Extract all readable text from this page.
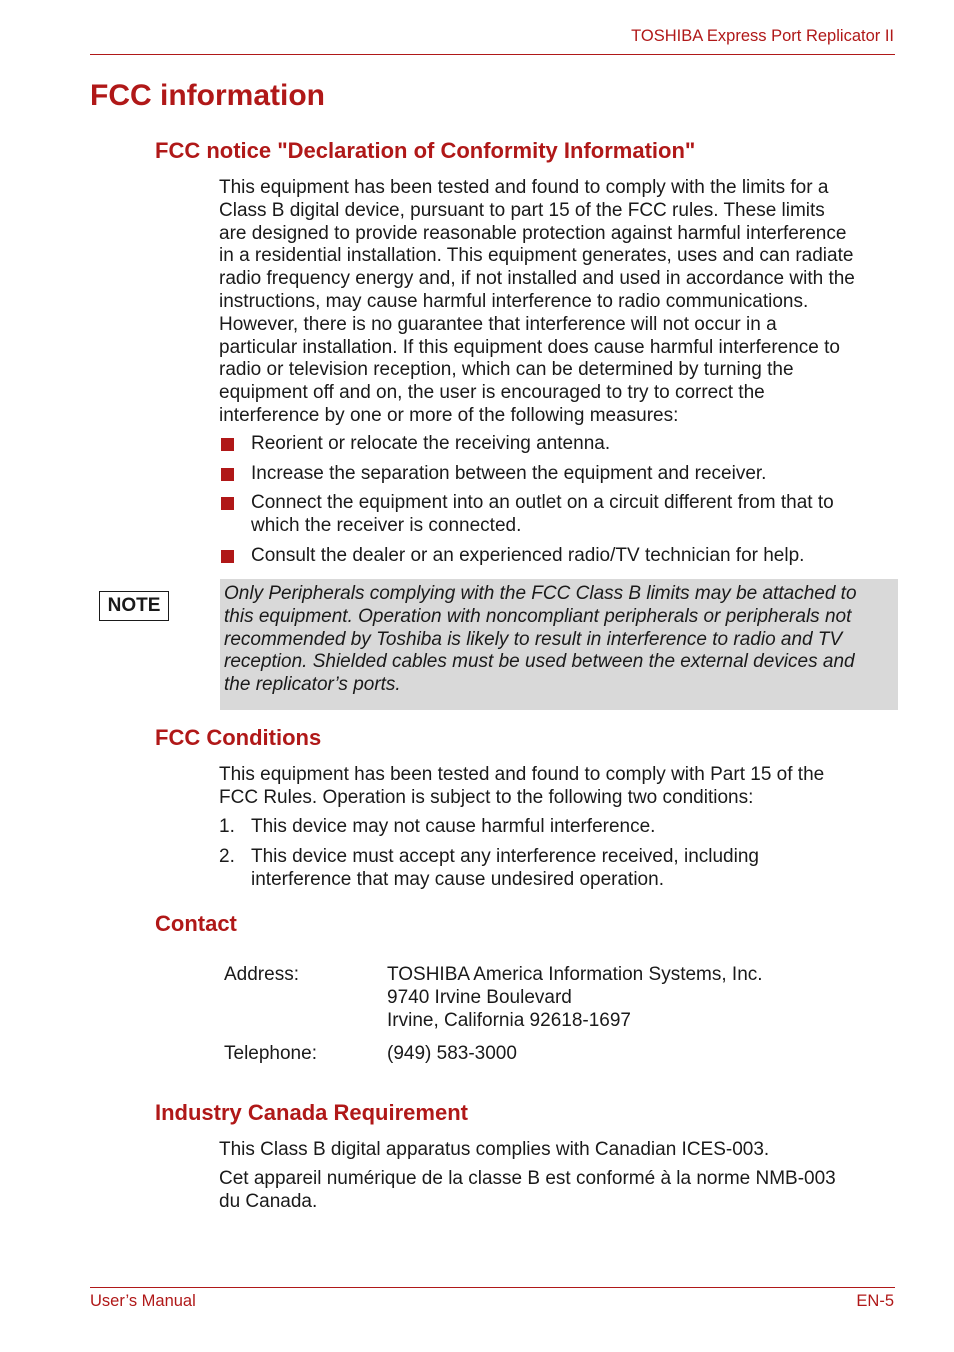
TOSHIBA Express Port Replicator II
FCC information
FCC notice "Declaration of Conformity Information"
This equipment has been tested and found to comply with the limits for a
Class B digital device, pursuant to part 15 of the FCC rules. These limits
are designed to provide reasonable protection against harmful interference
in a residential installation. This equipment generates, uses and can radiate
radio frequency energy and, if not installed and used in accordance with the
instructions, may cause harmful interference to radio communications.
However, there is no guarantee that interference will not occur in a
particular installation. If this equipment does cause harmful interference to
radio or television reception, which can be determined by turning the
equipment off and on, the user is encouraged to try to correct the
interference by one or more of the following measures:
Reorient or relocate the receiving antenna.
Increase the separation between the equipment and receiver.
Connect the equipment into an outlet on a circuit different from that to
which the receiver is connected.
Consult the dealer or an experienced radio/TV technician for help.
NOTE
Only Peripherals complying with the FCC Class B limits may be attached to
this equipment. Operation with noncompliant peripherals or peripherals not
recommended by Toshiba is likely to result in interference to radio and TV
reception. Shielded cables must be used between the external devices and
the replicator’s ports.
FCC Conditions
This equipment has been tested and found to comply with Part 15 of the
FCC Rules. Operation is subject to the following two conditions:
1. This device may not cause harmful interference.
2. This device must accept any interference received, including
interference that may cause undesired operation.
Contact
Address:	TOSHIBA America Information Systems, Inc.
9740 Irvine Boulevard
Irvine, California 92618-1697
Telephone:	(949) 583-3000
Industry Canada Requirement
This Class B digital apparatus complies with Canadian ICES-003.
Cet appareil numérique de la classe B est conformé à la norme NMB-003
du Canada.
User’s Manual	EN-5
